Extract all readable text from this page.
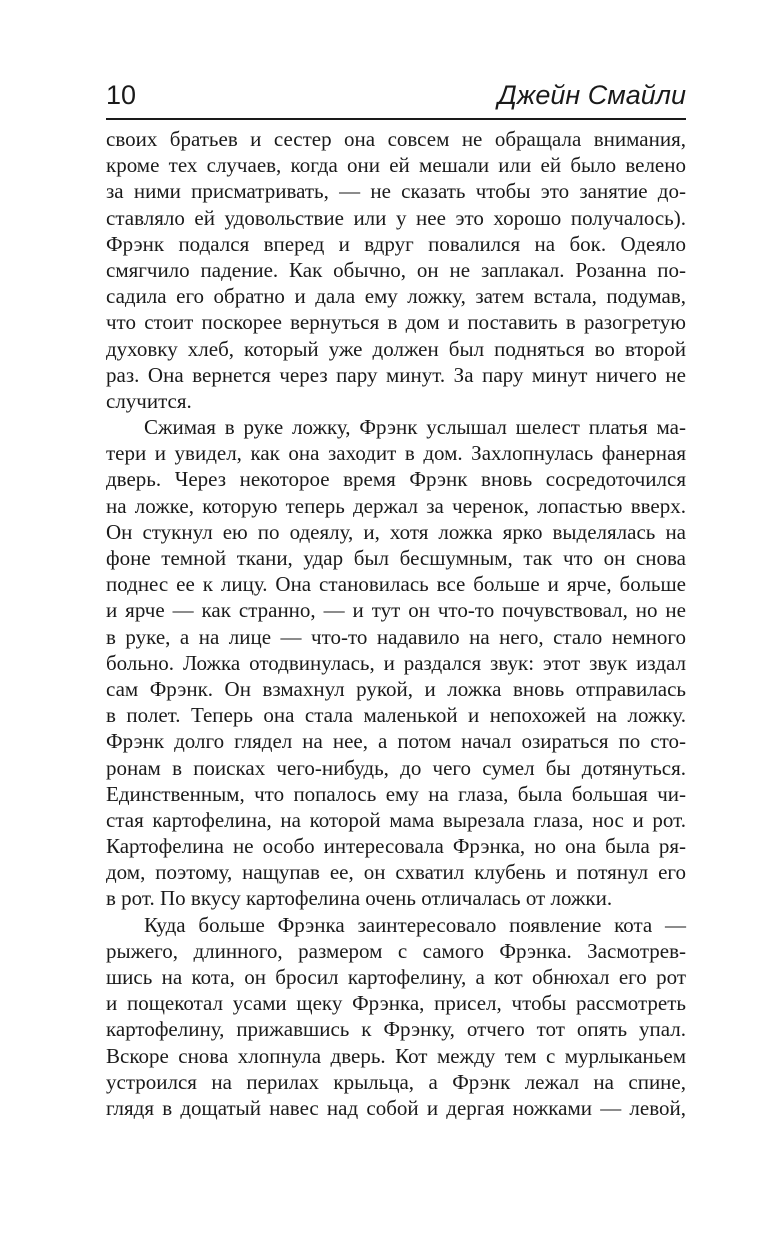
10	Джейн Смайли
своих братьев и сестер она совсем не обращала внимания,
кроме тех случаев, когда они ей мешали или ей было велено
за ними присматривать, — не сказать чтобы это занятие до-
ставляло ей удовольствие или у нее это хорошо получалось).
Фрэнк подался вперед и вдруг повалился на бок. Одеяло
смягчило падение. Как обычно, он не заплакал. Розанна по-
садила его обратно и дала ему ложку, затем встала, подумав,
что стоит поскорее вернуться в дом и поставить в разогретую
духовку хлеб, который уже должен был подняться во второй
раз. Она вернется через пару минут. За пару минут ничего не
случится.
Сжимая в руке ложку, Фрэнк услышал шелест платья ма-
тери и увидел, как она заходит в дом. Захлопнулась фанерная
дверь. Через некоторое время Фрэнк вновь сосредоточился
на ложке, которую теперь держал за черенок, лопастью вверх.
Он стукнул ею по одеялу, и, хотя ложка ярко выделялась на
фоне темной ткани, удар был бесшумным, так что он снова
поднес ее к лицу. Она становилась все больше и ярче, больше
и ярче — как странно, — и тут он что-то почувствовал, но не
в руке, а на лице — что-то надавило на него, стало немного
больно. Ложка отодвинулась, и раздался звук: этот звук издал
сам Фрэнк. Он взмахнул рукой, и ложка вновь отправилась
в полет. Теперь она стала маленькой и непохожей на ложку.
Фрэнк долго глядел на нее, а потом начал озираться по сто-
ронам в поисках чего-нибудь, до чего сумел бы дотянуться.
Единственным, что попалось ему на глаза, была большая чи-
стая картофелина, на которой мама вырезала глаза, нос и рот.
Картофелина не особо интересовала Фрэнка, но она была ря-
дом, поэтому, нащупав ее, он схватил клубень и потянул его
в рот. По вкусу картофелина очень отличалась от ложки.
Куда больше Фрэнка заинтересовало появление кота —
рыжего, длинного, размером с самого Фрэнка. Засмотрев-
шись на кота, он бросил картофелину, а кот обнюхал его рот
и пощекотал усами щеку Фрэнка, присел, чтобы рассмотреть
картофелину, прижавшись к Фрэнку, отчего тот опять упал.
Вскоре снова хлопнула дверь. Кот между тем с мурлыканьем
устроился на перилах крыльца, а Фрэнк лежал на спине,
глядя в дощатый навес над собой и дергая ножками — левой,
